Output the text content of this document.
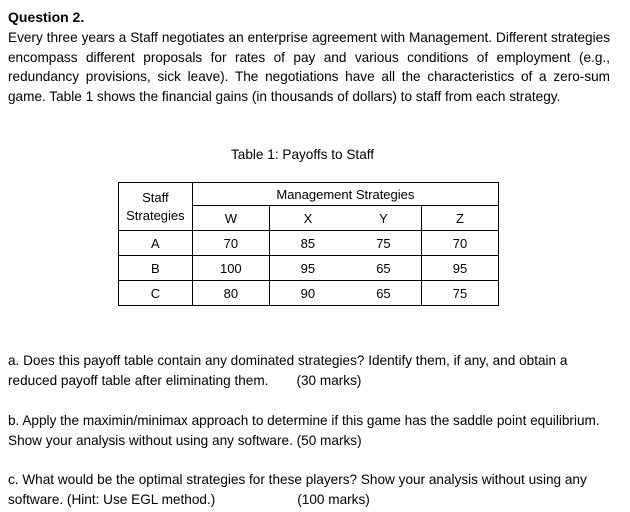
Question 2.
Every three years a Staff negotiates an enterprise agreement with Management. Different strategies encompass different proposals for rates of pay and various conditions of employment (e.g., redundancy provisions, sick leave). The negotiations have all the characteristics of a zero-sum game. Table 1 shows the financial gains (in thousands of dollars) to staff from each strategy.
Table 1: Payoffs to Staff
Staff
Strategies	Management Strategies			
	W	X	Y	Z
A	70	85	75	70
B	100	95	65	95
C	80	90	65	75
a. Does this payoff table contain any dominated strategies? Identify them, if any, and obtain a reduced payoff table after eliminating them. (30 marks)
b. Apply the maximin/minimax approach to determine if this game has the saddle point equilibrium. Show your analysis without using any software. (50 marks)
c. What would be the optimal strategies for these players? Show your analysis without using any software. (Hint: Use EGL method.)	(100 marks)
